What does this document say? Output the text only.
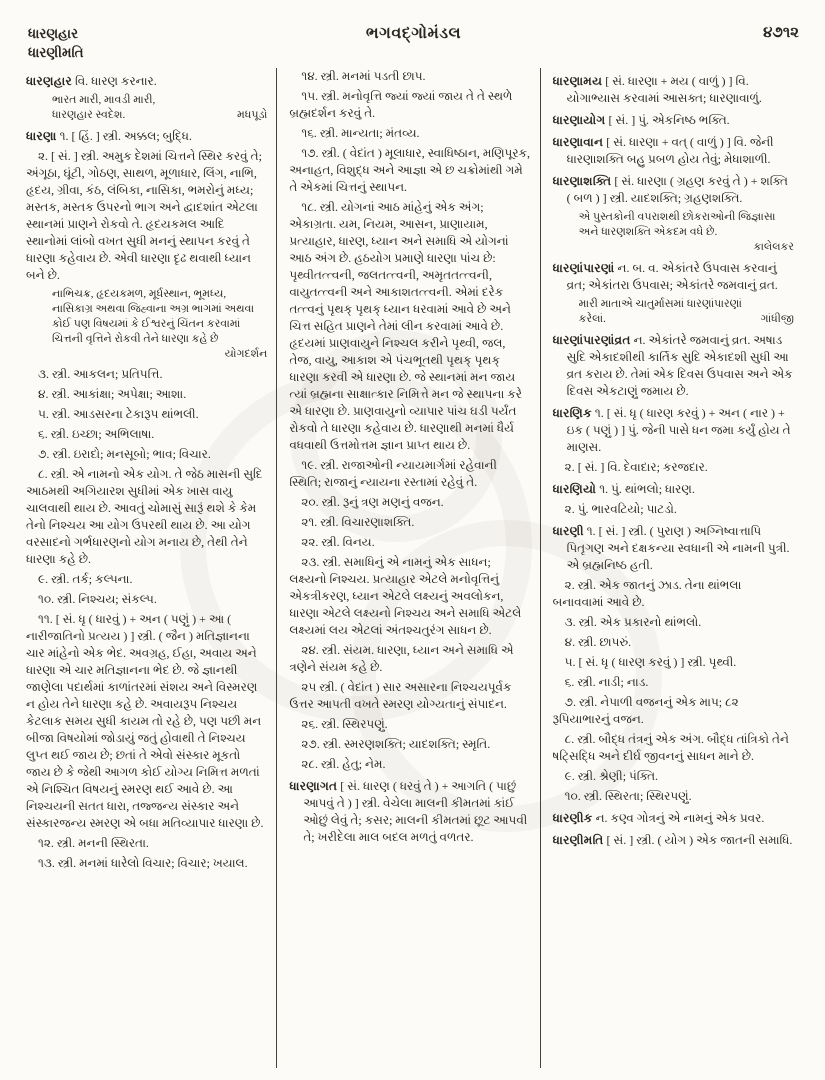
ધારણહાર
ધારણીમતિ
ભગવદ્ગોમંડલ	૪૭૧૨

ધારણહાર વિ. ધારણ કરનાર.

ભારત મારી, માવડી મારી,
ધારણહાર સ્વદેશ.	મધપૂડો

ધારણા ૧. [ હિં. ] સ્ત્રી. અક્કલ; બુદ્ધિ.

૨. [ સં. ] સ્ત્રી. અમુક દેશમાં ચિત્તને સ્થિર કરવું તે; અંગૂઠા, ઘૂંટી, ગોઠણ, સાથળ, મૂળાધાર, લિંગ, નાભિ, હૃદય, ગ્રીવા, કંઠ, લંબિકા, નાસિકા, ભમરોનું મધ્ય; મસ્તક, મસ્તક ઉપરનો ભાગ અને દ્વાદશાંત એટલા સ્થાનમાં પ્રાણને રોકવો તે. હૃદયકમલ આદિ સ્થાનોમાં લાંબો વખત સુધી મનનું સ્થાપન કરવું તે ધારણા કહેવાય છે. એવી ધારણા દૃઢ થવાથી ધ્યાન બને છે.

નાભિચક્ર, હૃદયકમળ, મૂર્ધસ્થાન, ભૂમધ્ય, નાસિકાગ્ર અથવા જિહ્વાના અગ્ર ભાગમાં અથવા કોઈ પણ વિષયમાં કે ઈશ્વરનું ચિંતન કરવામાં ચિત્તની વૃત્તિને રોકવી તેને ધારણા કહે છે
યોગદર્શન

૩. સ્ત્રી. આકલન; પ્રતિપત્તિ.

૪. સ્ત્રી. આકાંક્ષા; અપેક્ષા; આશા.

૫. સ્ત્રી. આડસરના ટેકારૂપ થાંભલી.

૬. સ્ત્રી. ઇચ્છા; અભિલાષા.

૭. સ્ત્રી. ઇરાદો; મનસૂબો; ભાવ; વિચાર.

૮. સ્ત્રી. એ નામનો એક યોગ. તે જેઠ માસની સુદિ આઠમથી અગિયારશ સુધીમાં એક ખાસ વાયુ ચાલવાથી થાય છે. આવતું ચોમાસું સારૂં થશે કે કેમ તેનો નિશ્ચય આ યોગ ઉપરથી થાય છે. આ યોગ વરસાદનો ગર્ભધારણનો યોગ મનાય છે, તેથી તેને ધારણા કહે છે.

૯. સ્ત્રી. તર્ક; કલ્પના.

૧૦. સ્ત્રી. નિશ્ચય; સંકલ્પ.

૧૧. [ સં. ધૃ ( ધારવું ) + અન ( પણું ) + આ ( નારીજાતિનો પ્રત્યય ) ] સ્ત્રી. ( જૈન ) મતિજ્ઞાનના ચાર માંહેનો એક ભેદ. અવગ્રહ, ઈહા, અવાય અને ધારણા એ ચાર મતિજ્ઞાનના ભેદ છે. જે જ્ઞાનથી જાણેલા પદાર્થમાં કાળાંતરમાં સંશય અને વિસ્મરણ ન હોય તેને ધારણા કહે છે. અવાયરૂપ નિશ્ચય કેટલાક સમય સુધી કાયમ તો રહે છે, પણ પછી મન બીજા વિષયોમાં જોડાયું જતું હોવાથી તે નિશ્ચય લુપ્ત થઈ જાય છે; છતાં તે એવો સંસ્કાર મૂકતો જાય છે કે જેથી આગળ કોઈ યોગ્ય નિમિત્ત મળતાં એ નિશ્ચિત વિષયનું સ્મરણ થઈ આવે છે. આ નિશ્ચયની સતત ધારા, તજ્જન્ય સંસ્કાર અને સંસ્કારજન્ય સ્મરણ એ બધા મતિવ્યાપાર ધારણા છે.

૧૨. સ્ત્રી. મનની સ્થિરતા.

૧૩. સ્ત્રી. મનમાં ધારેલો વિચાર; વિચાર; ખયાલ.

૧૪. સ્ત્રી. મનમાં પડતી છાપ.

૧૫. સ્ત્રી. મનોવૃત્તિ જ્યાં જ્યાં જાય તે તે સ્થળે બ્રહ્મદર્શન કરવું તે.

૧૬. સ્ત્રી. માન્યતા; મંતવ્ય.

૧૭. સ્ત્રી. ( વેદાંત ) મૂલાધાર, સ્વાધિષ્ઠાન, મણિપૂરક, અનાહત, વિશુદ્ધ અને આજ્ઞા એ છ ચક્રોમાંથી ગમે તે એકમાં ચિત્તનું સ્થાપન.

૧૮. સ્ત્રી. યોગનાં આઠ માંહેનું એક અંગ; એકાગ્રતા. યમ, નિયમ, આસન, પ્રાણાયામ, પ્રત્યાહાર, ધારણ, ધ્યાન અને સમાધિ એ યોગનાં આઠ અંગ છે. હઠયોગ પ્રમાણે ધારણા પાંચ છે: પૃથ્વીતત્ત્વની, જલતત્ત્વની, અમૃતતત્ત્વની, વાયુતત્ત્વની અને આકાશતત્ત્વની. એમાં દરેક તત્ત્વનું પૃથક્ પૃથક્ ધ્યાન ધરવામાં આવે છે અને ચિત્ત સહિત પ્રાણને તેમાં લીન કરવામાં આવે છે. હૃદયમાં પ્રાણવાયુને નિશ્ચલ કરીને પૃથ્વી, જલ, તેજ, વાયુ, આકાશ એ પંચભૂતથી પૃથક્ પૃથક્ ધારણા કરવી એ ધારણા છે. જે સ્થાનમાં મન જાય ત્યાં બ્રહ્મના સાક્ષાત્કાર નિમિત્તે મન જે સ્થાપના કરે એ ધારણા છે. પ્રાણવાયુનો વ્યાપાર પાંચ ઘડી પર્યંત રોકવો તે ધારણા કહેવાય છે. ધારણાથી મનમાં ધૈર્ય વધવાથી ઉત્તમોત્તમ જ્ઞાન પ્રાપ્ત થાય છે.

૧૯. સ્ત્રી. રાજાઓની ન્યાયમાર્ગમાં રહેવાની સ્થિતિ; રાજાનું ન્યાયના રસ્તામાં રહેવું તે.

૨૦. સ્ત્રી. રૂનું ત્રણ મણનું વજન.

૨૧. સ્ત્રી. વિચારણાશક્તિ.

૨૨. સ્ત્રી. વિનય.

૨૩. સ્ત્રી. સમાધિનું એ નામનું એક સાધન; લક્ષ્યનો નિશ્ચય. પ્રત્યાહાર એટલે મનોવૃત્તિનું એકત્રીકરણ, ધ્યાન એટલે લક્ષ્યનું અવલોકન, ધારણા એટલે લક્ષ્યનો નિશ્ચય અને સમાધિ એટલે લક્ષ્યમાં લય એટલાં અંતશ્ચતુરંગ સાધન છે.

૨૪. સ્ત્રી. સંયમ. ધારણા, ધ્યાન અને સમાધિ એ ત્રણેને સંયમ કહે છે.

૨૫ સ્ત્રી. ( વેદાંત ) સાર અસારના નિશ્ચયપૂર્વક ઉત્તર આપતી વખતે સ્મરણ યોગ્યતાનું સંપાદન.

૨૬. સ્ત્રી. સ્થિરપણું.

૨૭. સ્ત્રી. સ્મરણશક્તિ; યાદશક્તિ; સ્મૃતિ.

૨૮. સ્ત્રી. હેતુ; નેમ.

ધારણાગત [ સં. ધારણ ( ધરવું તે ) + આગતિ ( પાછું આપવું તે ) ] સ્ત્રી. વેચેલા માલની કીમતમાં કાંઈ ઓછું લેવું તે; કસર; માલની કીમતમાં છૂટ આપવી તે; ખરીદેલા માલ બદલ મળતું વળતર.

ધારણામય [ સં. ધારણા + મય ( વાળું ) ] વિ. યોગાભ્યાસ કરવામાં આસક્ત; ધારણાવાળું.

ધારણાયોગ [ સં. ] પું. એકનિષ્ઠ ભક્તિ.

ધારણાવાન [ સં. ધારણા + વત્ ( વાળું ) ] વિ. જેની ધારણાશક્તિ બહુ પ્રબળ હોય તેવું; મેધાશાળી.

ધારણાશક્તિ [ સં. ધારણા ( ગ્રહણ કરવું તે ) + શક્તિ ( બળ ) ] સ્ત્રી. યાદશક્તિ; ગ્રહણશક્તિ.

એ પુસ્તકોની વપરાશથી છોકરાઓની જિજ્ઞાસા અને ધારણશક્તિ એકદમ વધે છે.
કાલેલકર

ધારણાંપારણાં ન. બ. વ. એકાંતરે ઉપવાસ કરવાનું વ્રત; એકાંતરા ઉપવાસ; એકાંતરે જમવાનું વ્રત.

મારી માતાએ ચાતુર્માસમાં ધારણાંપારણાં
કરેલાં.	ગાંધીજી

ધારણાંપારણાંવ્રત ન. એકાંતરે જમવાનું વ્રત. અષાડ સુદિ એકાદશીથી કાર્તિક સુદિ એકાદશી સુધી આ વ્રત કરાય છે. તેમાં એક દિવસ ઉપવાસ અને એક દિવસ એકટાણું જમાય છે.

ધારણિક ૧. [ સં. ધૃ ( ધારણ કરવું ) + અન ( નાર ) + ઇક ( પણું ) ] પું. જેની પાસે ધન જમા કર્યું હોય તે માણસ.

૨. [ સં. ] વિ. દેવાદાર; કરજદાર.

ધારણિયો ૧. પું. થાંભલો; ધારણ.

૨. પું. ભારવટિયો; પાટડો.

ધારણી ૧. [ સં. ] સ્ત્રી. ( પુરાણ ) અગ્નિષ્વાત્તાપિ પિતૃગણ અને દક્ષકન્યા સ્વધાની એ નામની પુત્રી. એ બ્રહ્મનિષ્ઠ હતી.

૨. સ્ત્રી. એક જાતનું ઝાડ. તેના થાંભલા બનાવવામાં આવે છે.

૩. સ્ત્રી. એક પ્રકારનો થાંભલો.

૪. સ્ત્રી. છાપરું.

૫. [ સં. ધૃ ( ધારણ કરવું ) ] સ્ત્રી. પૃથ્વી.

૬. સ્ત્રી. નાડી; નાડ.

૭. સ્ત્રી. નેપાળી વજનનું એક માપ; ૮૨ રૂપિયાભારનું વજન.

૮. સ્ત્રી. બૌદ્ધ તંત્રનું એક અંગ. બૌદ્ધ તાંત્રિકો તેને ષટ્સિદ્ધિ અને દીર્ઘ જીવનનું સાધન માને છે.

૯. સ્ત્રી. શ્રેણી; પંક્તિ.

૧૦. સ્ત્રી. સ્થિરતા; સ્થિરપણું.

ધારણીક ન. કણ્વ ગોત્રનું એ નામનું એક પ્રવર.

ધારણીમતિ [ સં. ] સ્ત્રી. ( યોગ ) એક જાતની સમાધિ.
